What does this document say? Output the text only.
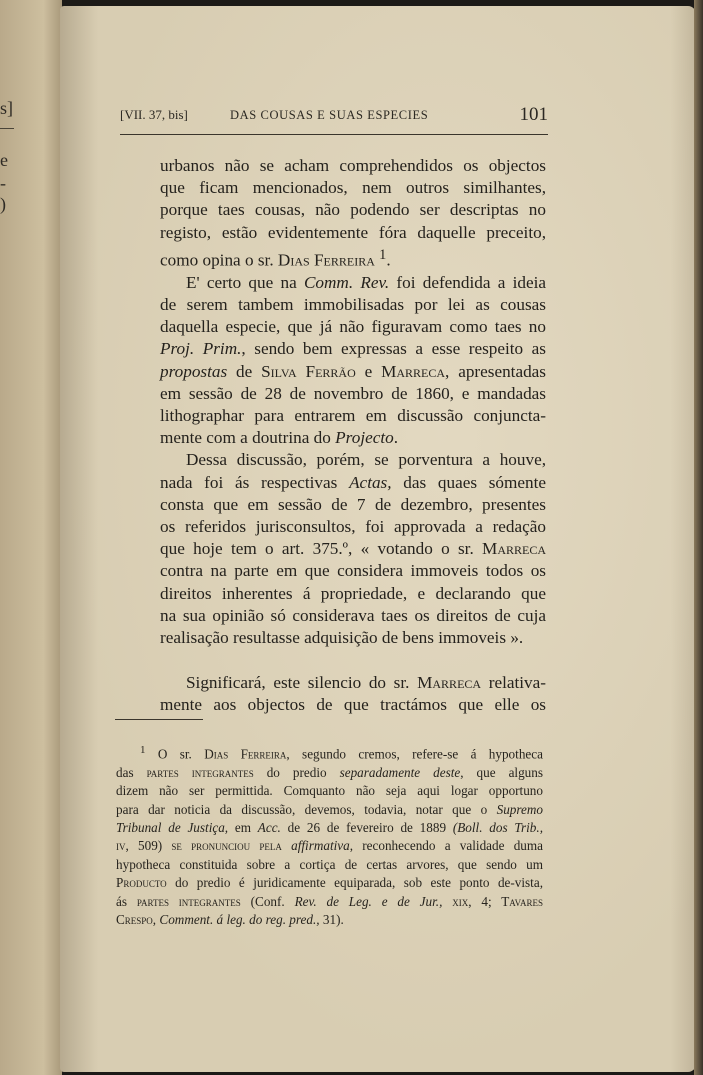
s]
e
-
)
[VII. 37, bis]	DAS COUSAS E SUAS ESPECIES	101
urbanos não se acham comprehendidos os objectos
que ficam mencionados, nem outros similhantes,
porque taes cousas, não podendo ser descriptas no
registo, estão evidentemente fóra daquelle preceito,
como opina o sr. Dias Ferreira $^1$.
E' certo que na Comm. Rev. foi defendida a ideia
de serem tambem immobilisadas por lei as cousas
daquella especie, que já não figuravam como taes no
Proj. Prim., sendo bem expressas a esse respeito as
propostas de Silva Ferrão e Marreca, apresentadas
em sessão de 28 de novembro de 1860, e mandadas
lithographar para entrarem em discussão conjuncta-
mente com a doutrina do Projecto.
Dessa discussão, porém, se porventura a houve,
nada foi ás respectivas Actas, das quaes sómente
consta que em sessão de 7 de dezembro, presentes
os referidos jurisconsultos, foi approvada a redação
que hoje tem o art. 375.º, « votando o sr. Marreca
contra na parte em que considera immoveis todos os
direitos inherentes á propriedade, e declarando que
na sua opinião só considerava taes os direitos de cuja
realisação resultasse adquisição de bens immoveis ».
Significará, este silencio do sr. Marreca relativa-
mente aos objectos de que tractámos que elle os
$^1$ O sr. Dias Ferreira, segundo cremos, refere-se á hypotheca
das partes integrantes do predio separadamente deste, que alguns
dizem não ser permittida. Comquanto não seja aqui logar opportuno
para dar noticia da discussão, devemos, todavia, notar que o Supremo
Tribunal de Justiça, em Acc. de 26 de fevereiro de 1889 (Boll. dos Trib.,
iv, 509) se pronunciou pela affirmativa, reconhecendo a validade duma
hypotheca constituida sobre a cortiça de certas arvores, que sendo um
Producto do predio é juridicamente equiparada, sob este ponto de-vista,
ás partes integrantes (Conf. Rev. de Leg. e de Jur., xix, 4; Tavares
Crespo, Comment. á leg. do reg. pred., 31).
